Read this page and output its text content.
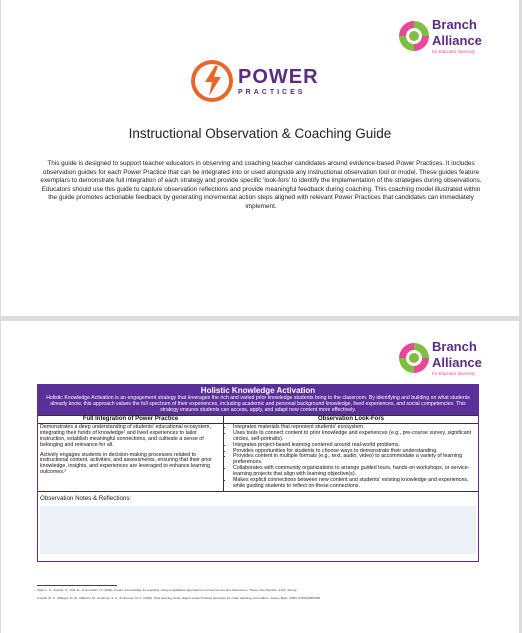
Branch
Alliance
for Educator Diversity
POWER
PRACTICES
Instructional Observation & Coaching Guide
This guide is designed to support teacher educators in observing and coaching teacher candidates around evidence-based Power Practices. It includes observation guides for each Power Practice that can be integrated into or used alongside any instructional observation tool or model. These guides feature exemplars to demonstrate full integration of each strategy and provide specific 'look-fors' to identify the implementation of the strategies during observations. Educators should use this guide to capture observation reflections and provide meaningful feedback during coaching. This coaching model illustrated within the guide promotes actionable feedback by generating incremental action steps aligned with relevant Power Practices that candidates can immediately implement.
Branch
Alliance
for Educator Diversity
Holistic Knowledge Activation

Holistic Knowledge Activation is an engagement strategy that leverages the rich and varied prior knowledge students bring to the classroom. By identifying and building on what students already know, this approach values the full spectrum of their experiences, including academic and personal background knowledge, lived experiences, and social competencies. This strategy ensures students can access, apply, and adapt new content more effectively.

Full Integration of Power Practice

Demonstrates a deep understanding of students' educational ecosystem, integrating their funds of knowledge¹ and lived experiences to tailor instruction, establish meaningful connections, and cultivate a sense of belonging and relevance for all.

Actively engages students in decision-making processes related to instructional content, activities, and assessments, ensuring that their prior knowledge, insights, and experiences are leveraged to enhance learning outcomes.²

Observation Look-Fors
• Integrates materials that represent students' ecosystem.
• Uses tools to connect content to prior knowledge and experiences (e.g., pre-course survey, significant circles, self-portraits).
• Integrates project-based learning centered around real-world problems.
• Provides opportunities for students to choose ways to demonstrate their understanding.
• Provides content in multiple formats (e.g., text, audio, video) to accommodate a variety of learning preferences.
• Collaborates with community organizations to arrange guided tours, hands-on workshops, or service-learning projects that align with learning objective(s).
• Makes explicit connections between new content and students' existing knowledge and experiences, while guiding students to reflect on these connections.
Observation Notes & Reflections:
¹Moll, L. C., Amanti, C., Neff, D., & Gonzalez, N. (1992). Funds of knowledge for teaching: Using a qualitative approach to connect homes and classrooms. Theory Into Practice, 31(2), Spring.
²Lowell, M. C., Bridges, M. W., DiPietro, M., Ambrose, S. A., & Norman, M. K. (2023). How learning works: Eight research-based principles for smart teaching, 2nd edition. Jossey-Bass. ISBN: 9781119861690
